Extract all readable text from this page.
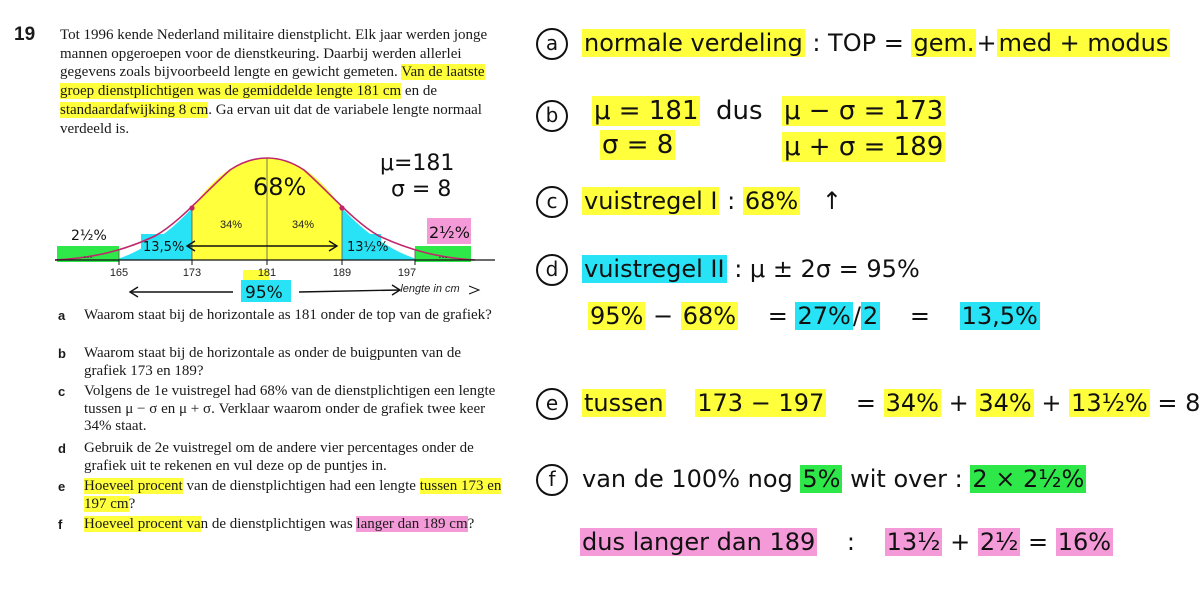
19 Tot 1996 kende Nederland militaire dienstplicht. Elk jaar werden jonge mannen opgeroepen voor de dienstkeuring. Daarbij werden allerlei gegevens zoals bijvoorbeeld lengte en gewicht gemeten. Van de laatste groep dienstplichtigen was de gemiddelde lengte 181 cm en de standaardafwijking 8 cm. Ga ervan uit dat de variabele lengte normaal verdeeld is.
165	173	181	189	197
34%	34%
...	...
lengte in cm
μ=181
σ = 8
68%
2½%	2½%
13,5%	13½%
95%
a Waarom staat bij de horizontale as 181 onder de top van de grafiek?
b Waarom staat bij de horizontale as onder de buigpunten van de grafiek 173 en 189?
c Volgens de 1e vuistregel had 68% van de dienstplichtigen een lengte tussen μ − σ en μ + σ. Verklaar waarom onder de grafiek twee keer 34% staat.
d Gebruik de 2e vuistregel om de andere vier percentages onder de grafiek uit te rekenen en vul deze op de puntjes in.
e Hoeveel procent van de dienstplichtigen had een lengte tussen 173 en 197 cm?
f Hoeveel procent van de dienstplichtigen was langer dan 189 cm?
a normale verdeling : TOP = gem.+med + modus
b	μ = 181
σ = 8
dus μ − σ = 173
μ + σ = 189
c vuistregel I : 68% ↑
d vuistregel II : μ ± 2σ = 95%
95% − 68% = 27%/2 = 13,5%
e tussen 173 − 197 = 34% + 34% + 13½% = 8
f van de 100% nog 5% wit over : 2 × 2½%
dus langer dan 189 : 13½ + 2½ = 16%
